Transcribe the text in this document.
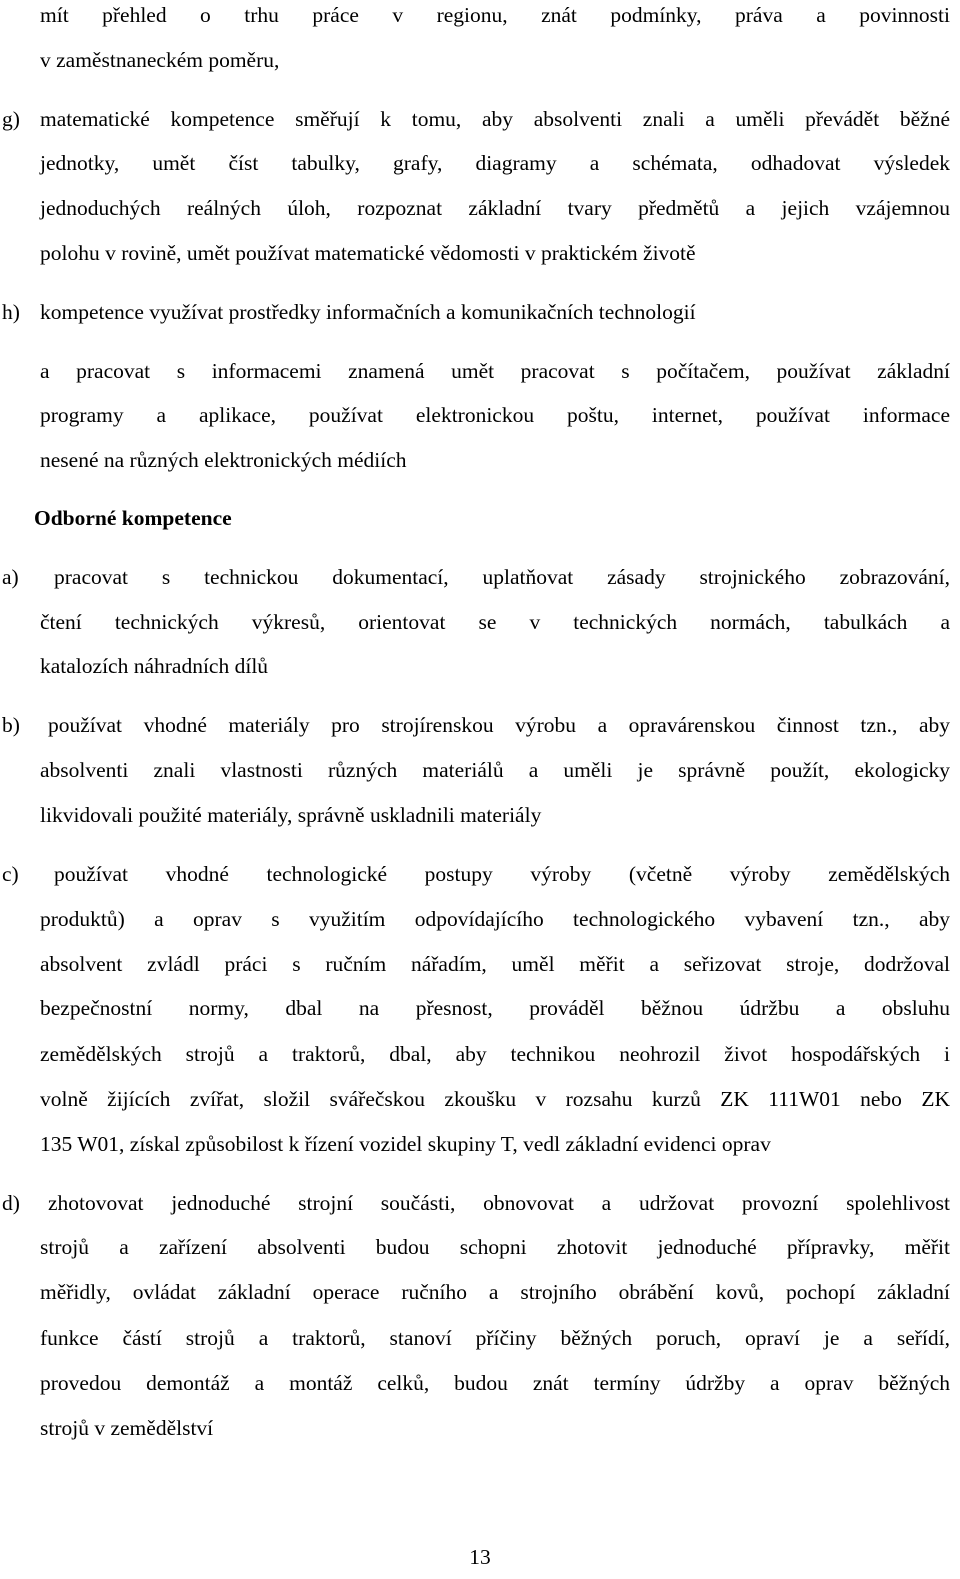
mít přehled o trhu práce v regionu, znát podmínky, práva a povinnosti
v zaměstnaneckém poměru,
g) matematické kompetence směřují k tomu, aby absolventi znali a uměli převádět běžné
jednotky, umět číst tabulky, grafy, diagramy a schémata, odhadovat výsledek
jednoduchých reálných úloh, rozpoznat základní tvary předmětů a jejich vzájemnou
polohu v rovině, umět používat matematické vědomosti v praktickém životě
h) kompetence využívat prostředky informačních a komunikačních technologií
a pracovat s informacemi znamená umět pracovat s počítačem, používat základní
programy a aplikace, používat elektronickou poštu, internet, používat informace
nesené na různých elektronických médiích
Odborné kompetence
a) pracovat s technickou dokumentací, uplatňovat zásady strojnického zobrazování,
čtení technických výkresů, orientovat se v technických normách, tabulkách a
katalozích náhradních dílů
b) používat vhodné materiály pro strojírenskou výrobu a opravárenskou činnost tzn., aby
absolventi znali vlastnosti různých materiálů a uměli je správně použít, ekologicky
likvidovali použité materiály, správně uskladnili materiály
c) používat vhodné technologické postupy výroby (včetně výroby zemědělských
produktů) a oprav s využitím odpovídajícího technologického vybavení tzn., aby
absolvent zvládl práci s ručním nářadím, uměl měřit a seřizovat stroje, dodržoval
bezpečnostní normy, dbal na přesnost, prováděl běžnou údržbu a obsluhu
zemědělských strojů a traktorů, dbal, aby technikou neohrozil život hospodářských i
volně žijících zvířat, složil svářečskou zkoušku v rozsahu kurzů ZK 111W01 nebo ZK
135 W01, získal způsobilost k řízení vozidel skupiny T, vedl základní evidenci oprav
d) zhotovovat jednoduché strojní součásti, obnovovat a udržovat provozní spolehlivost
strojů a zařízení absolventi budou schopni zhotovit jednoduché přípravky, měřit
měřidly, ovládat základní operace ručního a strojního obrábění kovů, pochopí základní
funkce částí strojů a traktorů, stanoví příčiny běžných poruch, opraví je a seřídí,
provedou demontáž a montáž celků, budou znát termíny údržby a oprav běžných
strojů v zemědělství
13
